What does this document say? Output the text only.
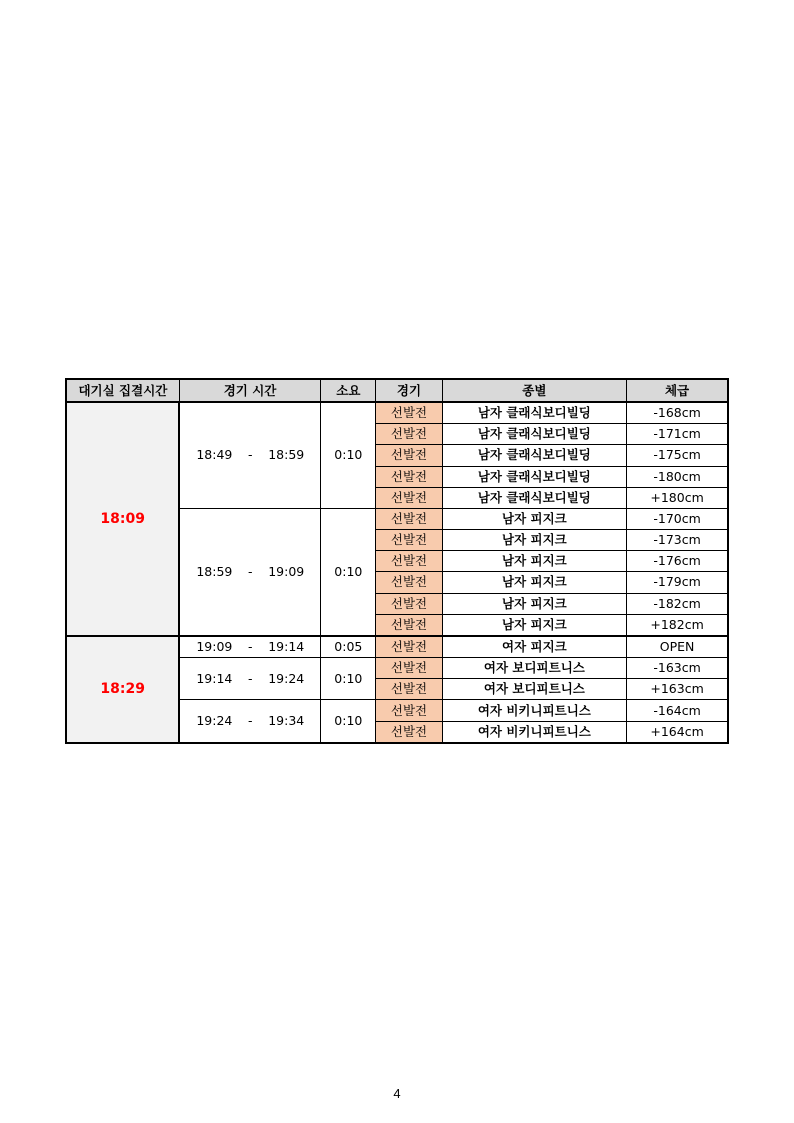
대기실 집결시간	경기 시간	소요	경기	종별	체급
18:09	18:49 - 18:59	0:10	선발전	남자 클래식보디빌딩	-168cm
			선발전	남자 클래식보디빌딩	-171cm
			선발전	남자 클래식보디빌딩	-175cm
			선발전	남자 클래식보디빌딩	-180cm
			선발전	남자 클래식보디빌딩	+180cm

	18:59 - 19:09	0:10	선발전	남자 피지크	-170cm
			선발전	남자 피지크	-173cm
			선발전	남자 피지크	-176cm
			선발전	남자 피지크	-179cm
			선발전	남자 피지크	-182cm
			선발전	남자 피지크	+182cm
18:29	19:09 - 19:14	0:05	선발전	여자 피지크	OPEN

	19:14 - 19:24	0:10	선발전	여자 보디피트니스	-163cm
			선발전	여자 보디피트니스	+163cm

	19:24 - 19:34	0:10	선발전	여자 비키니피트니스	-164cm
			선발전	여자 비키니피트니스	+164cm
4
